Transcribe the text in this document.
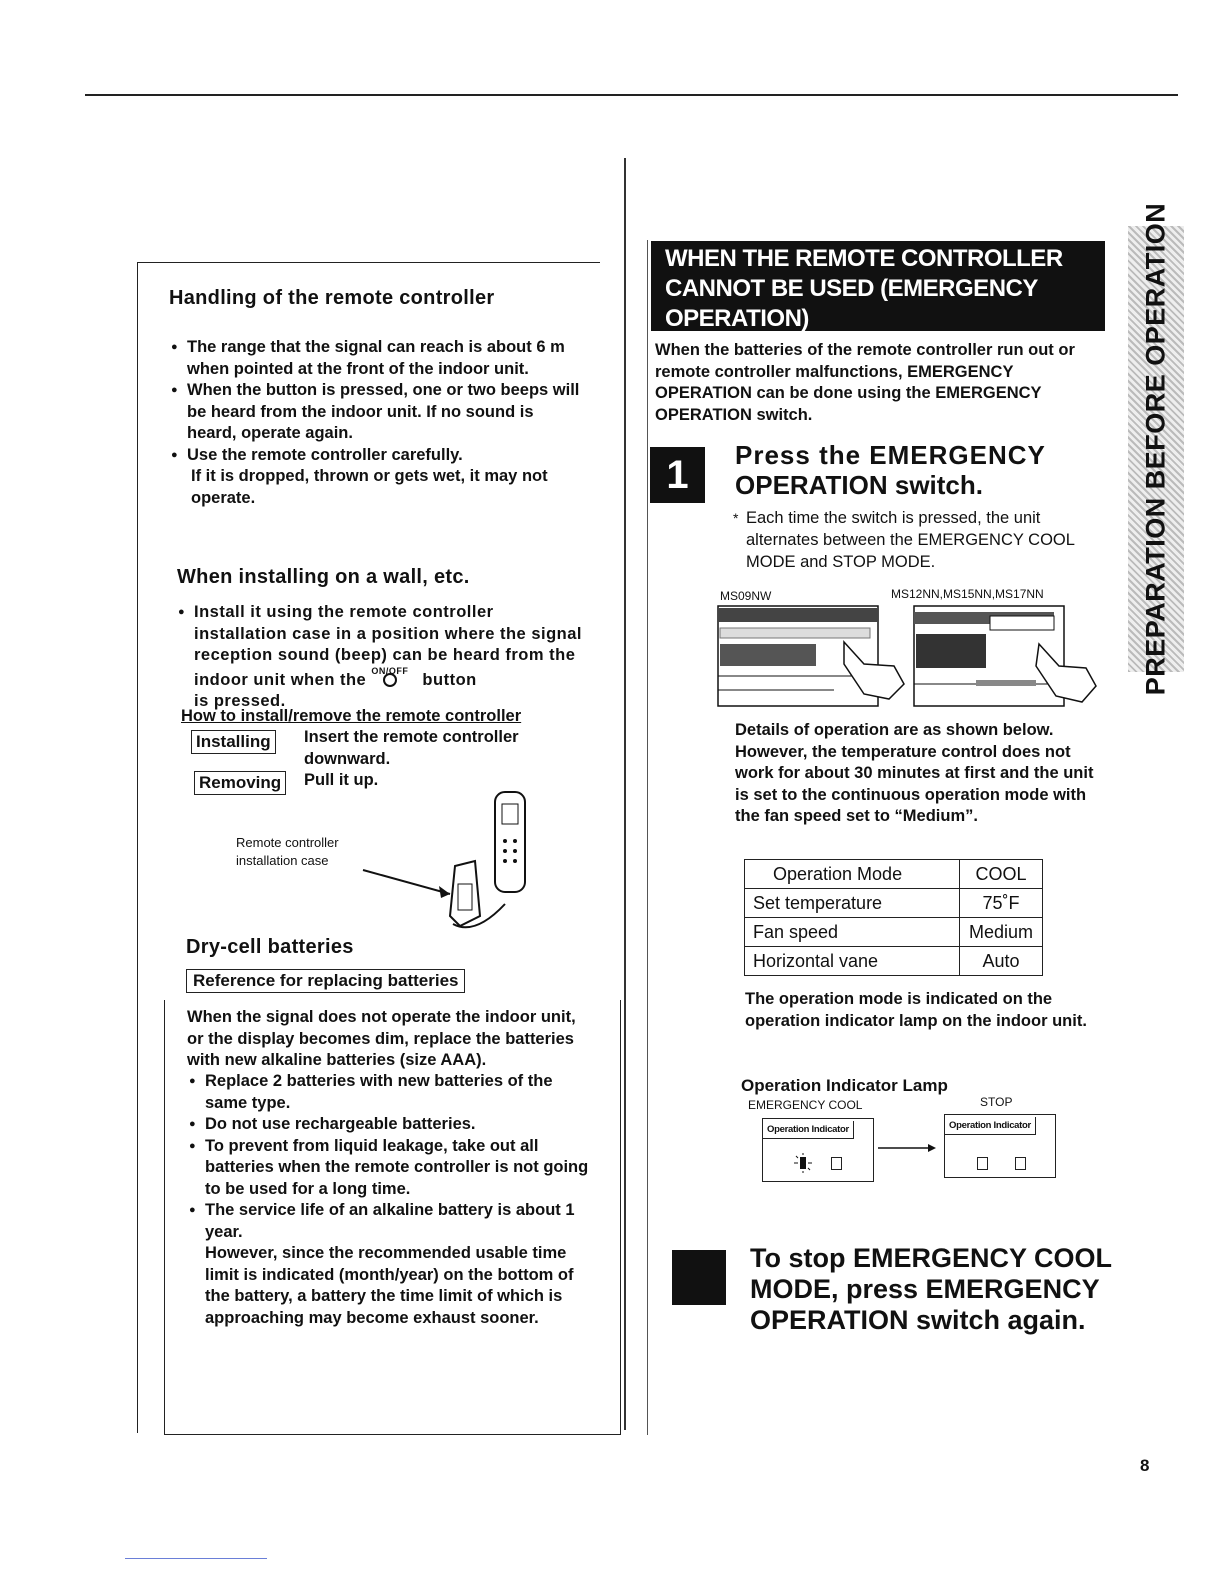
Handling of the remote controller
● The range that the signal can reach is about 6 m when pointed at the front of the indoor unit.
● When the button is pressed, one or two beeps will be heard from the indoor unit. If no sound is heard, operate again.
● Use the remote controller carefully.
If it is dropped, thrown or gets wet, it may not operate.
When installing on a wall, etc.
● Install it using the remote controller installation case in a position where the signal reception sound (beep) can be heard from the indoor unit when the ON/OFF button
is pressed.
How to install/remove the remote controller
Installing	Insert the remote controller
downward.
Removing	Pull it up.
Remote controller
installation case
Dry-cell batteries
Reference for replacing batteries
When the signal does not operate the indoor unit, or the display becomes dim, replace the batteries with new alkaline batteries (size AAA).
● Replace 2 batteries with new batteries of the same type.
● Do not use rechargeable batteries.
● To prevent from liquid leakage, take out all batteries when the remote controller is not going to be used for a long time.
● The service life of an alkaline battery is about 1 year.
However, since the recommended usable time limit is indicated (month/year) on the bottom of the battery, a battery the time limit of which is approaching may become exhaust sooner.
WHEN THE REMOTE CONTROLLER CANNOT BE USED (EMERGENCY OPERATION)
When the batteries of the remote controller run out or remote controller malfunctions, EMERGENCY OPERATION can be done using the EMERGENCY OPERATION switch.
1	Press the EMERGENCY
OPERATION switch.
* Each time the switch is pressed, the unit alternates between the EMERGENCY COOL MODE and STOP MODE.
MS09NW	MS12NN,MS15NN,MS17NN
Details of operation are as shown below. However, the temperature control does not work for about 30 minutes at first and the unit is set to the continuous operation mode with the fan speed set to “Medium”.
Operation Mode	COOL
Set temperature	75˚F
Fan speed	Medium
Horizontal vane	Auto
The operation mode is indicated on the operation indicator lamp on the indoor unit.
Operation Indicator Lamp
EMERGENCY COOL	STOP
Operation Indicator	Operation Indicator
To stop EMERGENCY COOL
MODE, press EMERGENCY
OPERATION switch again.
PREPARATION BEFORE OPERATION
8
